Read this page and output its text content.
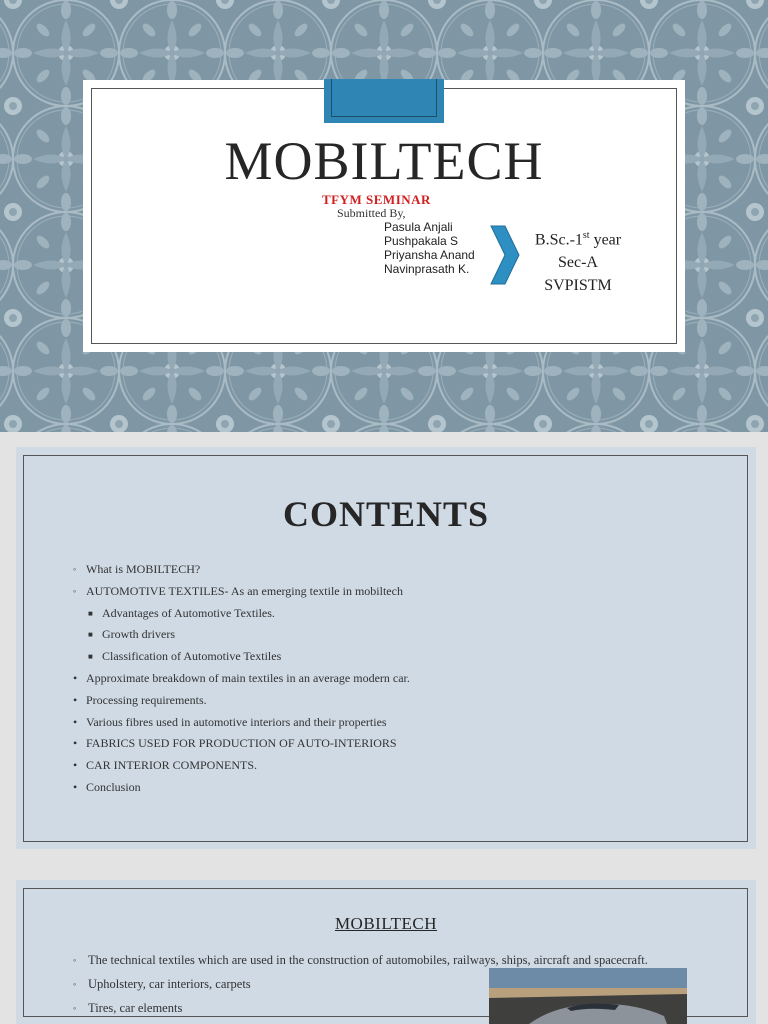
MOBILTECH
TFYM SEMINAR
Submitted By,
Pasula Anjali
Pushpakala S
Priyansha Anand
Navinprasath K.
B.Sc.-1st year
Sec-A
SVPISTM
CONTENTS
◦ What is MOBILTECH?
◦ AUTOMOTIVE TEXTILES- As an emerging textile in mobiltech
■ Advantages of Automotive Textiles.
■ Growth drivers
■ Classification of Automotive Textiles
• Approximate breakdown of main textiles in an average modern car.
• Processing requirements.
• Various fibres used in automotive interiors and their properties
• FABRICS USED FOR PRODUCTION OF AUTO-INTERIORS
• CAR INTERIOR COMPONENTS.
• Conclusion
MOBILTECH
◦ The technical textiles which are used in the construction of automobiles, railways, ships, aircraft and spacecraft.
◦ Upholstery, car interiors, carpets
◦ Tires, car elements
